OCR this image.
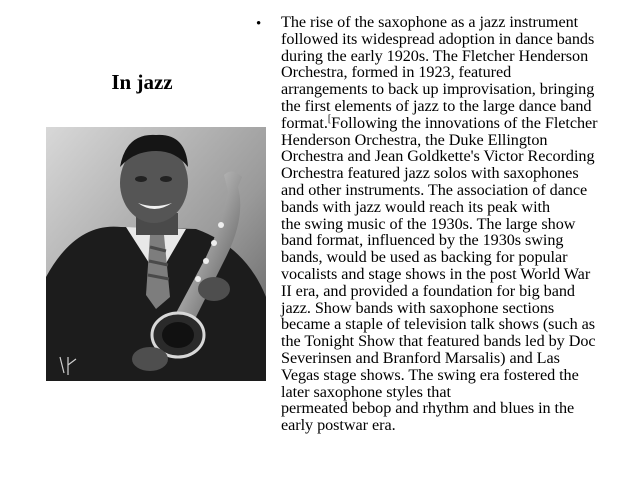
In jazz
• The rise of the saxophone as a jazz instrument
followed its widespread adoption in dance bands
during the early 1920s. The Fletcher Henderson
Orchestra, formed in 1923, featured
arrangements to back up improvisation, bringing
the first elements of jazz to the large dance band
format.[Following the innovations of the Fletcher
Henderson Orchestra, the Duke Ellington
Orchestra and Jean Goldkette's Victor Recording
Orchestra featured jazz solos with saxophones
and other instruments. The association of dance
bands with jazz would reach its peak with
the swing music of the 1930s. The large show
band format, influenced by the 1930s swing
bands, would be used as backing for popular
vocalists and stage shows in the post World War
II era, and provided a foundation for big band
jazz. Show bands with saxophone sections
became a staple of television talk shows (such as
the Tonight Show that featured bands led by Doc
Severinsen and Branford Marsalis) and Las
Vegas stage shows. The swing era fostered the
later saxophone styles that
permeated bebop and rhythm and blues in the
early postwar era.
